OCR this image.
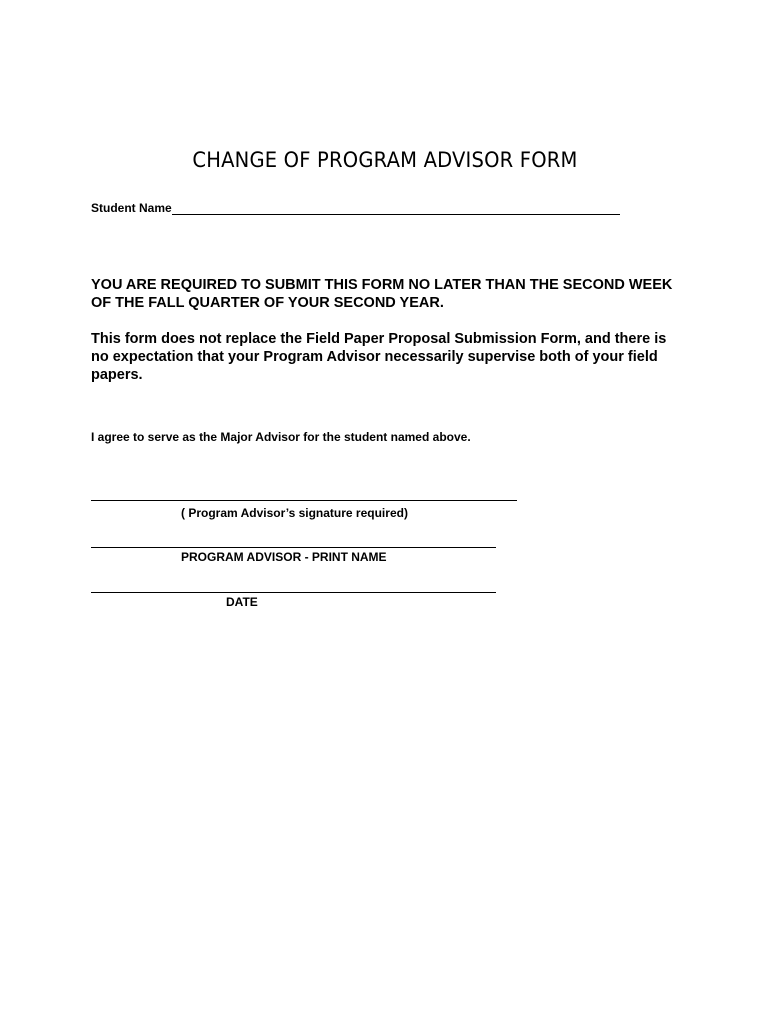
CHANGE OF PROGRAM ADVISOR FORM
Student Name
YOU ARE REQUIRED TO SUBMIT THIS FORM NO LATER THAN THE SECOND WEEK OF THE FALL QUARTER OF YOUR SECOND YEAR.
This form does not replace the Field Paper Proposal Submission Form, and there is no expectation that your Program Advisor necessarily supervise both of your field papers.
I agree to serve as the Major Advisor for the student named above.
( Program Advisor’s signature required)
PROGRAM ADVISOR - PRINT NAME
DATE
